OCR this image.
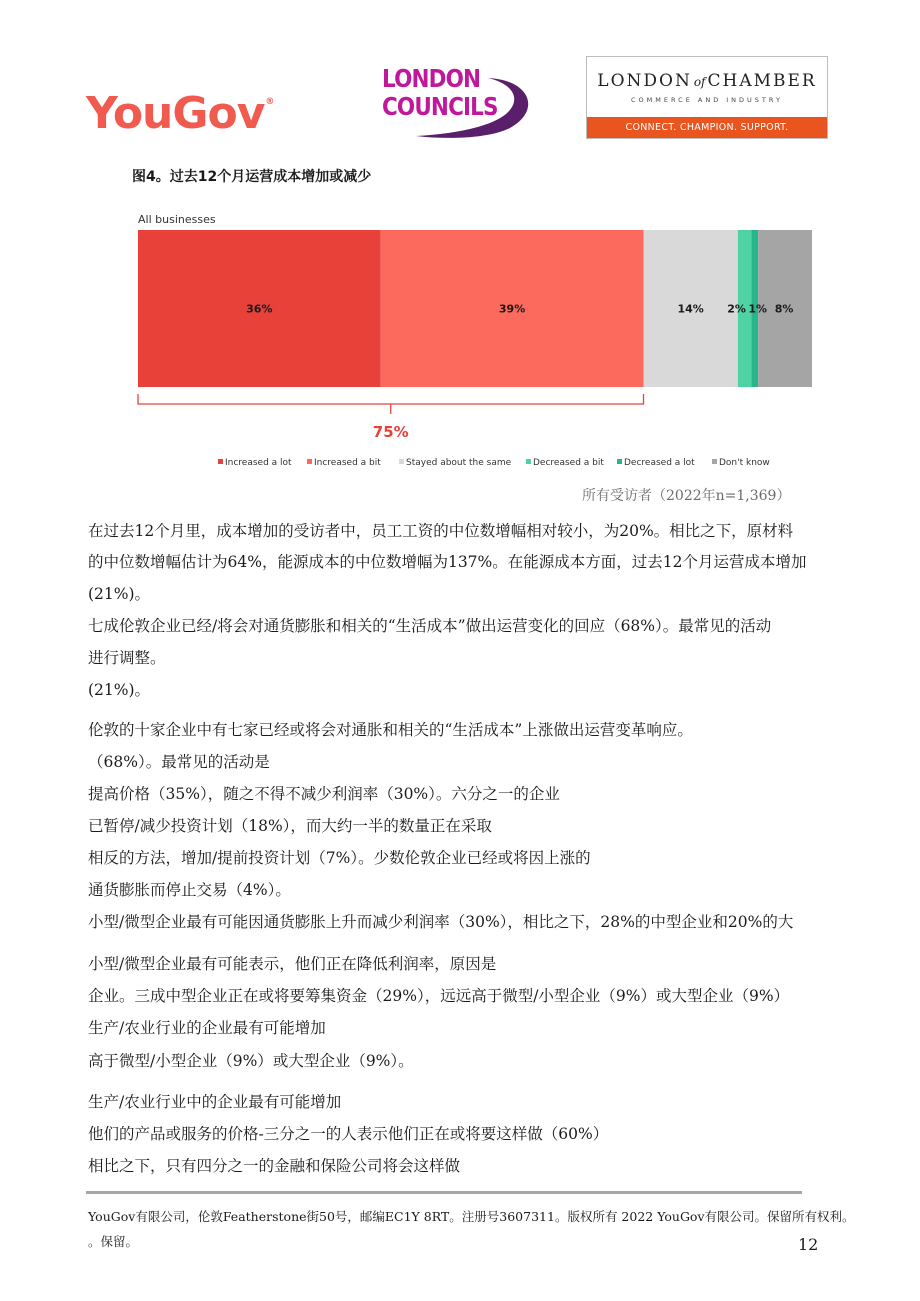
YouGov®
LONDON
COUNCILS
LONDON of CHAMBER
COMMERCE AND INDUSTRY
CONNECT. CHAMPION. SUPPORT.
图4。过去12个月运营成本增加或减少
All businesses
36%	39%	14% 2% 1% 8%
75%
Increased a lot Increased a bit	Stayed about the same Decreased a bit Decreased a lot	Don't know
所有受访者（2022年n=1,369）
在过去12个月里，成本增加的受访者中，员工工资的中位数增幅相对较小，为20%。相比之下，原材料
的中位数增幅估计为64%，能源成本的中位数增幅为137%。在能源成本方面，过去12个月运营成本增加
(21%)。
七成伦敦企业已经/将会对通货膨胀和相关的“生活成本”做出运营变化的回应（68%）。最常见的活动
进行调整。
(21%)。
伦敦的十家企业中有七家已经或将会对通胀和相关的“生活成本”上涨做出运营变革响应。
（68%）。最常见的活动是
提高价格（35%），随之不得不减少利润率（30%）。六分之一的企业
已暂停/减少投资计划（18%），而大约一半的数量正在采取
相反的方法，增加/提前投资计划（7%）。少数伦敦企业已经或将因上涨的
通货膨胀而停止交易（4%）。
小型/微型企业最有可能因通货膨胀上升而减少利润率（30%），相比之下，28%的中型企业和20%的大
小型/微型企业最有可能表示，他们正在降低利润率，原因是
企业。三成中型企业正在或将要筹集资金（29%），远远高于微型/小型企业（9%）或大型企业（9%）
生产/农业行业的企业最有可能增加
高于微型/小型企业（9%）或大型企业（9%）。
生产/农业行业中的企业最有可能增加
他们的产品或服务的价格-三分之一的人表示他们正在或将要这样做（60%）
相比之下，只有四分之一的金融和保险公司将会这样做
YouGov有限公司，伦敦Featherstone街50号，邮编EC1Y 8RT。注册号3607311。版权所有 2022 YouGov有限公司。保留所有权利。
。保留。	12
